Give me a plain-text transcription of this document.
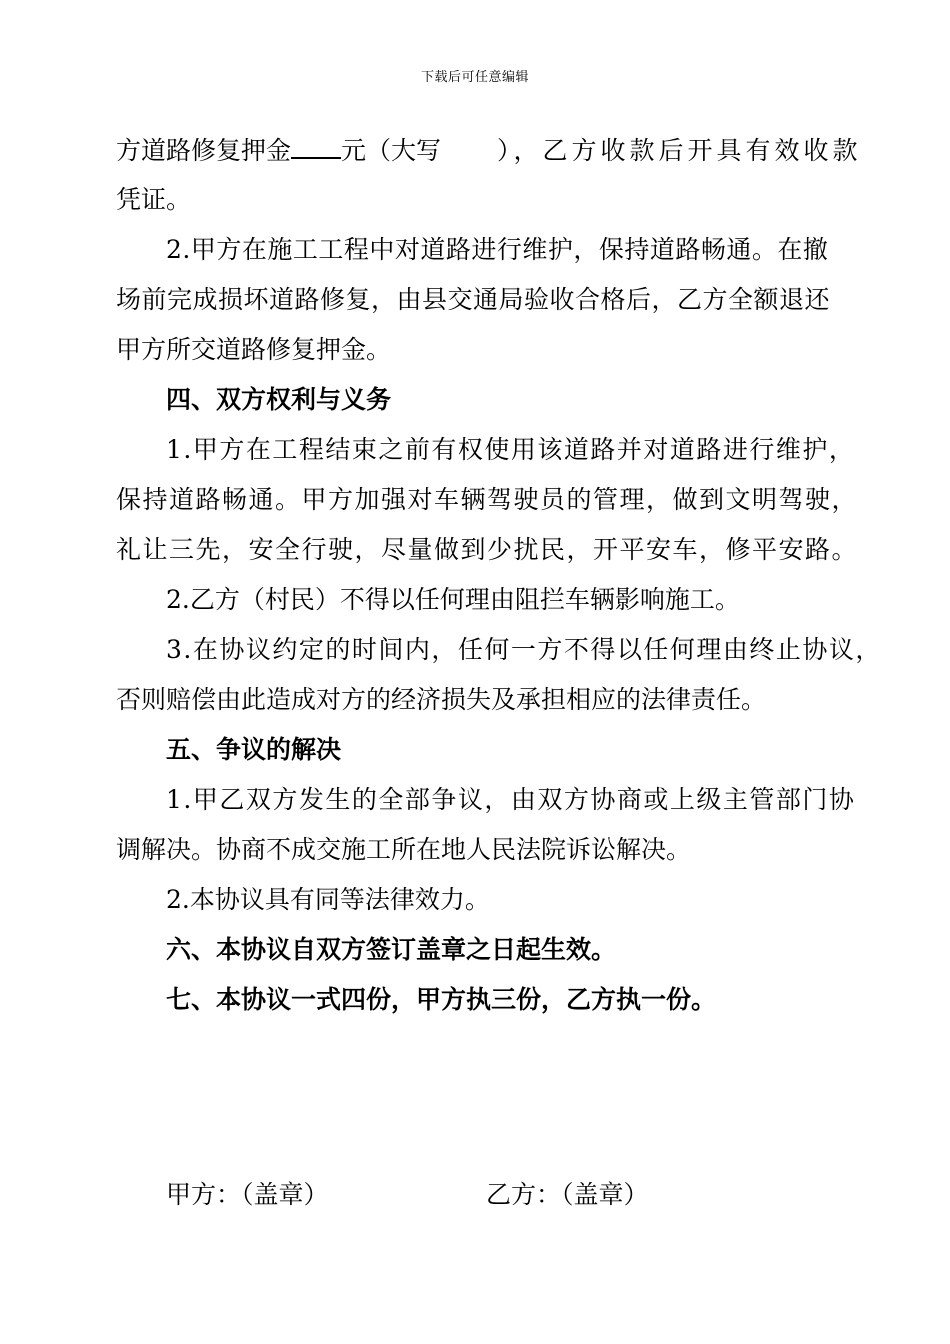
下载后可任意编辑
方道路修复押金 元（大写 ），乙方收款后开具有效收款
凭证。
2.甲方在施工工程中对道路进行维护，保持道路畅通。在撤
场前完成损坏道路修复，由县交通局验收合格后，乙方全额退还
甲方所交道路修复押金。
四、双方权利与义务
1.甲方在工程结束之前有权使用该道路并对道路进行维护，
保持道路畅通。甲方加强对车辆驾驶员的管理，做到文明驾驶，
礼让三先，安全行驶，尽量做到少扰民，开平安车，修平安路。
2.乙方（村民）不得以任何理由阻拦车辆影响施工。
3.在协议约定的时间内，任何一方不得以任何理由终止协议，
否则赔偿由此造成对方的经济损失及承担相应的法律责任。
五、争议的解决
1.甲乙双方发生的全部争议，由双方协商或上级主管部门协
调解决。协商不成交施工所在地人民法院诉讼解决。
2.本协议具有同等法律效力。
六、本协议自双方签订盖章之日起生效。
七、本协议一式四份，甲方执三份，乙方执一份。
甲方：（盖章）	乙方：（盖章）
